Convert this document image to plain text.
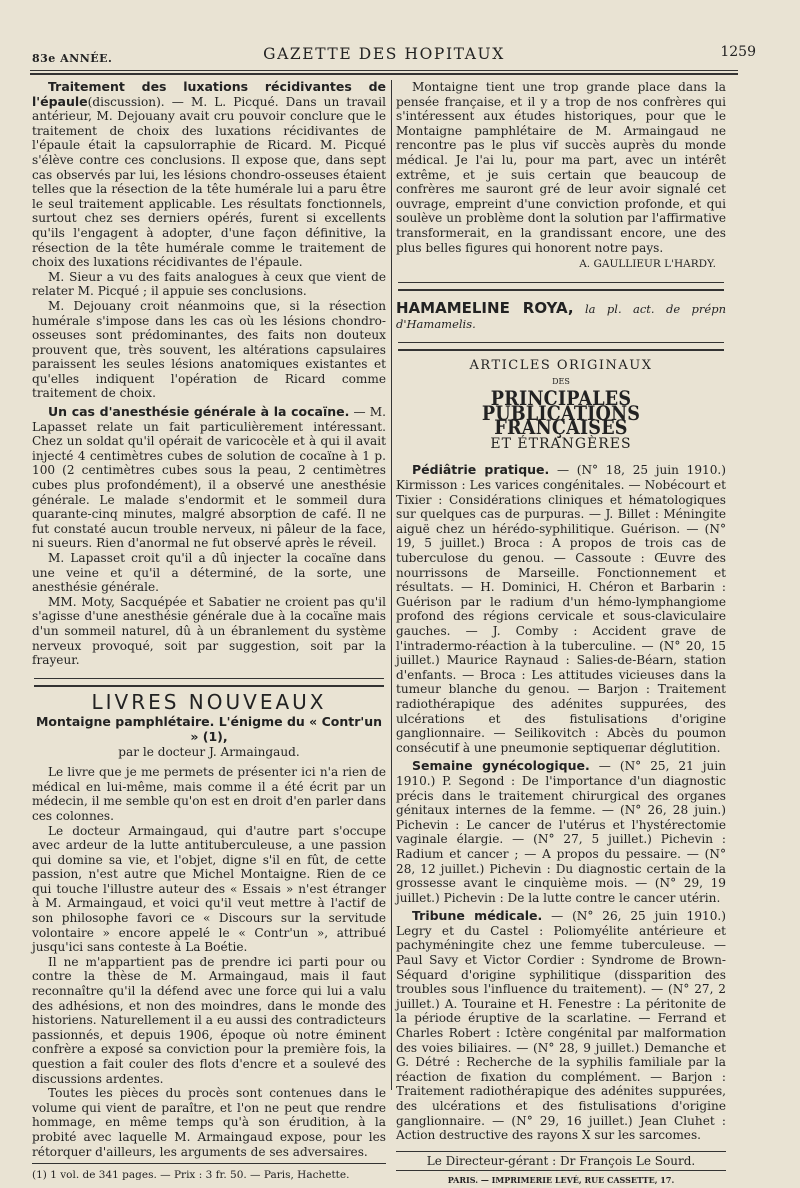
83e ANNÉE.	GAZETTE DES HOPITAUX	1259

Traitement des luxations récidivantes de l'épaule(discussion). — M. L. Picqué. Dans un travail antérieur, M. Dejouany avait cru pouvoir conclure que le traitement de choix des luxations récidivantes de l'épaule était la capsulorraphie de Ricard. M. Picqué s'élève contre ces conclusions. Il expose que, dans sept cas observés par lui, les lésions chondro-osseuses étaient telles que la résection de la tête humérale lui a paru être le seul traitement applicable. Les résultats fonctionnels, surtout chez ses derniers opérés, furent si excellents qu'ils l'engagent à adopter, d'une façon définitive, la résection de la tête humérale comme le traitement de choix des luxations récidivantes de l'épaule.

M. Sieur a vu des faits analogues à ceux que vient de relater M. Picqué ; il appuie ses conclusions.

M. Dejouany croit néanmoins que, si la résection humérale s'impose dans les cas où les lésions chondro-osseuses sont prédominantes, des faits non douteux prouvent que, très souvent, les altérations capsulaires paraissent les seules lésions anatomiques existantes et qu'elles indiquent l'opération de Ricard comme traitement de choix.

Un cas d'anesthésie générale à la cocaïne. — M. Lapasset relate un fait particulièrement intéressant. Chez un soldat qu'il opérait de varicocèle et à qui il avait injecté 4 centimètres cubes de solution de cocaïne à 1 p. 100 (2 centimètres cubes sous la peau, 2 centimètres cubes plus profondément), il a observé une anesthésie générale. Le malade s'endormit et le sommeil dura quarante-cinq minutes, malgré absorption de café. Il ne fut constaté aucun trouble nerveux, ni pâleur de la face, ni sueurs. Rien d'anormal ne fut observé après le réveil.

M. Lapasset croit qu'il a dû injecter la cocaïne dans une veine et qu'il a déterminé, de la sorte, une anesthésie générale.

MM. Moty, Sacquépée et Sabatier ne croient pas qu'il s'agisse d'une anesthésie générale due à la cocaïne mais d'un sommeil naturel, dû à un ébranlement du système nerveux provoqué, soit par suggestion, soit par la frayeur.

LIVRES NOUVEAUX
Montaigne pamphlétaire. L'énigme du « Contr'un » (1),
par le docteur J. Armaingaud.

Le livre que je me permets de présenter ici n'a rien de médical en lui-même, mais comme il a été écrit par un médecin, il me semble qu'on est en droit d'en parler dans ces colonnes.

Le docteur Armaingaud, qui d'autre part s'occupe avec ardeur de la lutte antituberculeuse, a une passion qui domine sa vie, et l'objet, digne s'il en fût, de cette passion, n'est autre que Michel Montaigne. Rien de ce qui touche l'illustre auteur des « Essais » n'est étranger à M. Armaingaud, et voici qu'il veut mettre à l'actif de son philosophe favori ce « Discours sur la servitude volontaire » encore appelé le « Contr'un », attribué jusqu'ici sans conteste à La Boétie.

Il ne m'appartient pas de prendre ici parti pour ou contre la thèse de M. Armaingaud, mais il faut reconnaître qu'il la défend avec une force qui lui a valu des adhésions, et non des moindres, dans le monde des historiens. Naturellement il a eu aussi des contradicteurs passionnés, et depuis 1906, époque où notre éminent confrère a exposé sa conviction pour la première fois, la question a fait couler des flots d'encre et a soulevé des discussions ardentes.

Toutes les pièces du procès sont contenues dans le volume qui vient de paraître, et l'on ne peut que rendre hommage, en même temps qu'à son érudition, à la probité avec laquelle M. Armaingaud expose, pour les rétorquer d'ailleurs, les arguments de ses adversaires.

(1) 1 vol. de 341 pages. — Prix : 3 fr. 50. — Paris, Hachette.

Montaigne tient une trop grande place dans la pensée française, et il y a trop de nos confrères qui s'intéressent aux études historiques, pour que le Montaigne pamphlétaire de M. Armaingaud ne rencontre pas le plus vif succès auprès du monde médical. Je l'ai lu, pour ma part, avec un intérêt extrême, et je suis certain que beaucoup de confrères me sauront gré de leur avoir signalé cet ouvrage, empreint d'une conviction profonde, et qui soulève un problème dont la solution par l'affirmative transformerait, en la grandissant encore, une des plus belles figures qui honorent notre pays.

A. GAULLIEUR L'HARDY.
HAMAMELINE ROYA, la pl. act. de prépn d'Hamamelis.
ARTICLES ORIGINAUX
DES
PRINCIPALES PUBLICATIONS FRANÇAISES
ET ÉTRANGÈRES

Pédiâtrie pratique. — (N° 18, 25 juin 1910.) Kirmisson : Les varices congénitales. — Nobécourt et Tixier : Considérations cliniques et hématologiques sur quelques cas de purpuras. — J. Billet : Méningite aiguë chez un hérédo-syphilitique. Guérison. — (N° 19, 5 juillet.) Broca : A propos de trois cas de tuberculose du genou. — Cassoute : Œuvre des nourrissons de Marseille. Fonctionnement et résultats. — H. Dominici, H. Chéron et Barbarin : Guérison par le radium d'un hémo-lymphangiome profond des régions cervicale et sous-claviculaire gauches. — J. Comby : Accident grave de l'intradermo-réaction à la tuberculine. — (N° 20, 15 juillet.) Maurice Raynaud : Salies-de-Béarn, station d'enfants. — Broca : Les attitudes vicieuses dans la tumeur blanche du genou. — Barjon : Traitement radiothérapique des adénites suppurées, des ulcérations et des fistulisations d'origine ganglionnaire. — Seilikovitch : Abcès du poumon consécutif à une pneumonie septiqueпar déglutition.

Semaine gynécologique. — (N° 25, 21 juin 1910.) P. Segond : De l'importance d'un diagnostic précis dans le traitement chirurgical des organes génitaux internes de la femme. — (N° 26, 28 juin.) Pichevin : Le cancer de l'utérus et l'hystérectomie vaginale élargie. — (N° 27, 5 juillet.) Pichevin : Radium et cancer ; — A propos du pessaire. — (N° 28, 12 juillet.) Pichevin : Du diagnostic certain de la grossesse avant le cinquième mois. — (N° 29, 19 juillet.) Pichevin : De la lutte contre le cancer utérin.

Tribune médicale. — (N° 26, 25 juin 1910.) Legry et du Castel : Poliomyélite antérieure et pachyméningite chez une femme tuberculeuse. — Paul Savy et Victor Cordier : Syndrome de Brown-Séquard d'origine syphilitique (dissparition des troubles sous l'influence du traitement). — (N° 27, 2 juillet.) A. Touraine et H. Fenestre : La péritonite de la période éruptive de la scarlatine. — Ferrand et Charles Robert : Ictère congénital par malformation des voies biliaires. — (N° 28, 9 juillet.) Demanche et G. Détré : Recherche de la syphilis familiale par la réaction de fixation du complément. — Barjon : Traitement radiothérapique des adénites suppurées, des ulcérations et des fistulisations d'origine ganglionnaire. — (N° 29, 16 juillet.) Jean Cluhet : Action destructive des rayons X sur les sarcomes.

Le Directeur-gérant : Dr François Le Sourd.
PARIS. — IMPRIMERIE LEVÉ, RUE CASSETTE, 17.
